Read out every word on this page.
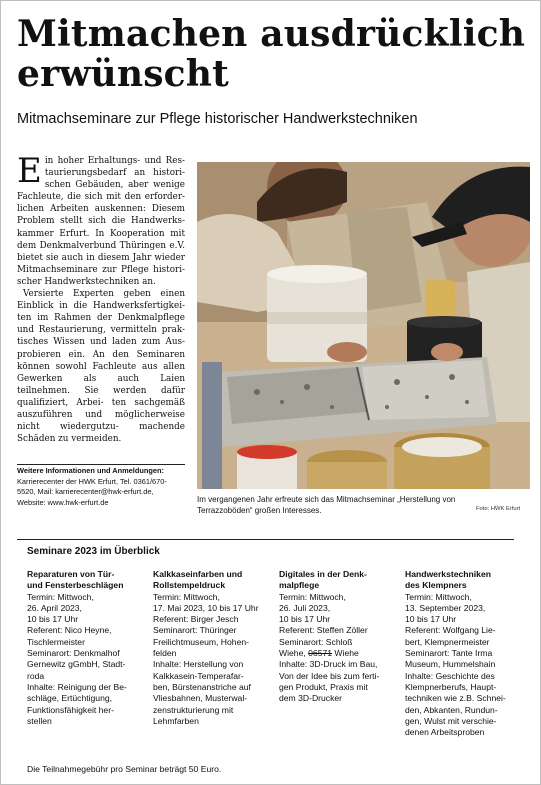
Mitmachen ausdrücklich
erwünscht
Mitmachseminare zur Pflege historischer Handwerkstechniken

E in hoher Erhaltungs- und Res- taurierungsbedarf an histori- schen Gebäuden, aber wenige Fachleute, die sich mit den erforder- lichen Arbeiten auskennen: Diesem Problem stellt sich die Handwerks- kammer Erfurt. In Kooperation mit dem Denkmalverbund Thüringen e.V. bietet sie auch in diesem Jahr wieder Mitmachseminare zur Pflege histori- scher Handwerkstechniken an.

Versierte Experten geben einen Einblick in die Handwerksfertigkei- ten im Rahmen der Denkmalpflege und Restaurierung, vermitteln prak- tisches Wissen und laden zum Aus- probieren ein. An den Seminaren können sowohl Fachleute aus allen Gewerken als auch Laien teilnehmen. Sie werden dafür qualifiziert, Arbei- ten sachgemäß auszuführen und möglicherweise nicht wiedergutzu- machende Schäden zu vermeiden.

Weitere Informationen und Anmeldungen:
Karrierecenter der HWK Erfurt, Tel. 0361/670-
5520, Mail: karrierecenter@hwk-erfurt.de,
Website: www.hwk-erfurt.de	Im vergangenen Jahr erfreute sich das Mitmachseminar „Herstellung von
Terrazzoböden“ großen Interesses.	Foto: HWK Erfurt
Seminare 2023 im Überblick
Reparaturen von Tür-
und Fensterbeschlägen
Termin: Mittwoch,
26. April 2023,
10 bis 17 Uhr
Referent: Nico Heyne,
Tischlermeister
Seminarort: Denkmalhof
Gernewitz gGmbH, Stadt-
roda
Inhalte: Reinigung der Be-
schläge, Ertüchtigung,
Funktionsfähigkeit her-
stellen
Kalkkaseinfarben und
Rollstempeldruck
Termin: Mittwoch,
17. Mai 2023, 10 bis 17 Uhr
Referent: Birger Jesch
Seminarort: Thüringer
Freilichtmuseum, Hohen-
felden
Inhalte: Herstellung von
Kalkkasein-Temperafar-
ben, Bürstenanstriche auf
Vliesbahnen, Musterwal-
zenstrukturierung mit
Lehmfarben
Digitales in der Denk-
malpflege
Termin: Mittwoch,
26. Juli 2023,
10 bis 17 Uhr
Referent: Steffen Zöller
Seminarort: Schloß
Wiehe, 06571 Wiehe
Inhalte: 3D-Druck im Bau,
Von der Idee bis zum ferti-
gen Produkt, Praxis mit
dem 3D-Drucker
Handwerkstechniken
des Klempners
Termin: Mittwoch,
13. September 2023,
10 bis 17 Uhr
Referent: Wolfgang Lie-
bert, Klempnermeister
Seminarort: Tante Irma
Museum, Hummelshain
Inhalte: Geschichte des
Klempnerberufs, Haupt-
techniken wie z.B. Schnei-
den, Abkanten, Rundun-
gen, Wulst mit verschie-
denen Arbeitsproben
Die Teilnahmegebühr pro Seminar beträgt 50 Euro.
